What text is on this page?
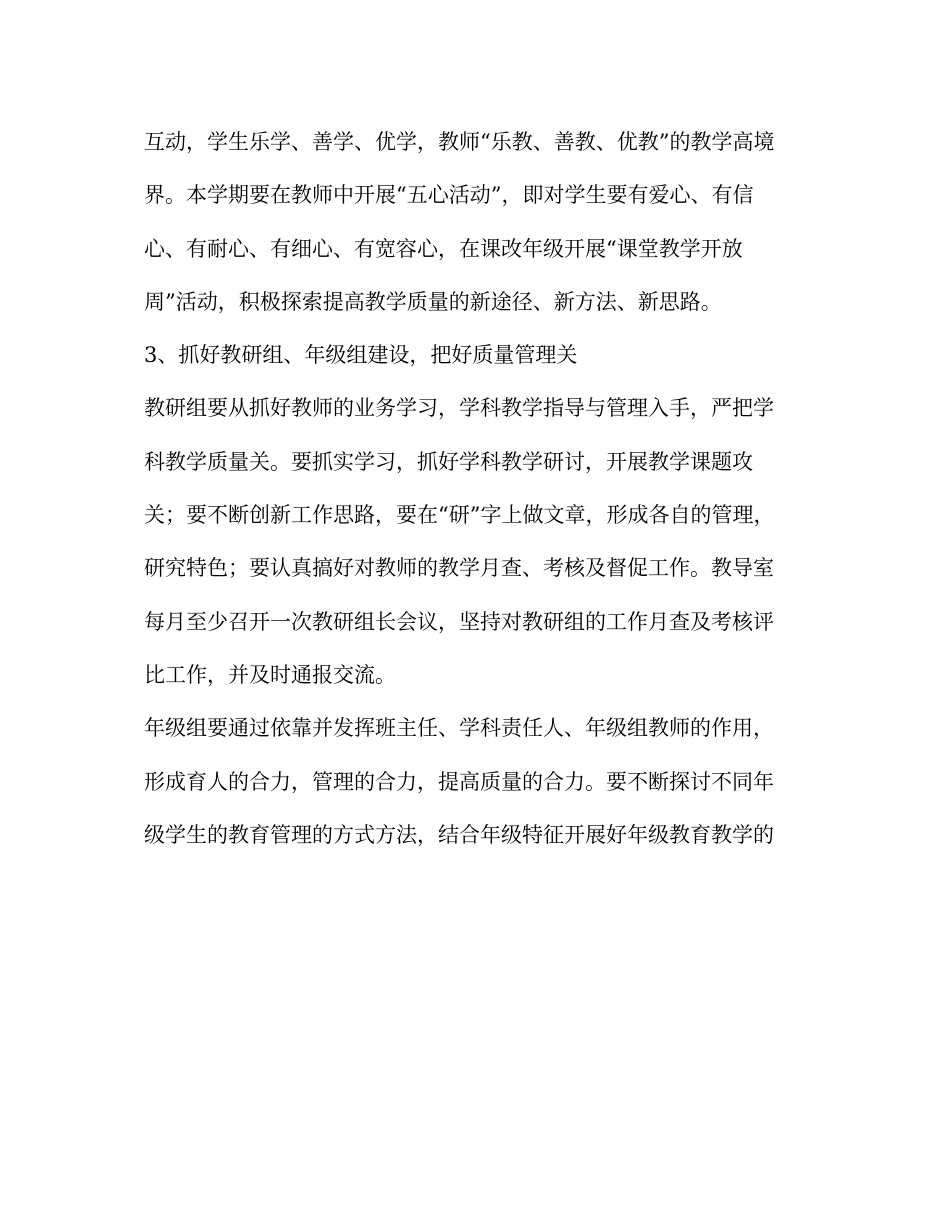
互动，学生乐学、善学、优学，教师“乐教、善教、优教”的教学高境
界。本学期要在教师中开展“五心活动”，即对学生要有爱心、有信
心、有耐心、有细心、有宽容心，在课改年级开展“课堂教学开放
周”活动，积极探索提高教学质量的新途径、新方法、新思路。
3、抓好教研组、年级组建设，把好质量管理关
教研组要从抓好教师的业务学习，学科教学指导与管理入手，严把学
科教学质量关。要抓实学习，抓好学科教学研讨，开展教学课题攻
关；要不断创新工作思路，要在“研”字上做文章，形成各自的管理，
研究特色；要认真搞好对教师的教学月查、考核及督促工作。教导室
每月至少召开一次教研组长会议，坚持对教研组的工作月查及考核评
比工作，并及时通报交流。
年级组要通过依靠并发挥班主任、学科责任人、年级组教师的作用，
形成育人的合力，管理的合力，提高质量的合力。要不断探讨不同年
级学生的教育管理的方式方法，结合年级特征开展好年级教育教学的
